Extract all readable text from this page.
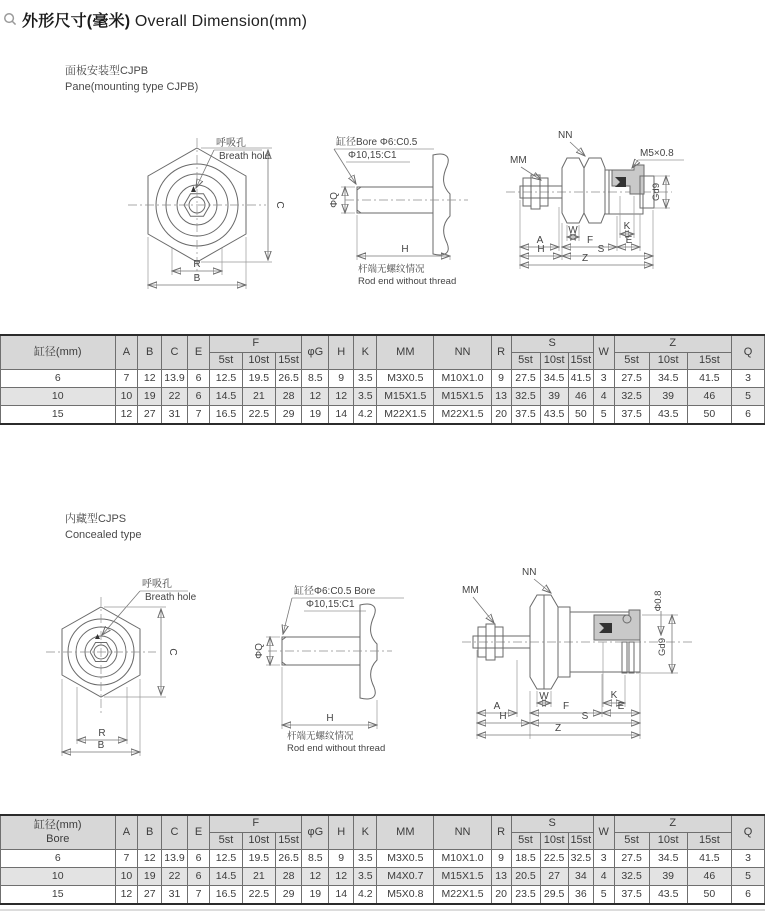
外形尺寸(毫米) Overall Dimension(mm)
面板安装型CJPB
Pane(mounting type CJPB)
呼吸孔
Breath hole
C
R
B
缸径Bore Φ6:C0.5
Φ10,15:C1
ΦQ
H
杆端无螺纹情况
Rod end without thread
MM
NN
M5×0.8
Gd9
W	K
A	F	E
H	S
Z
缸径(mm)	A	B	C	E	F			φG	H	K	MM	NN	R	S			W	Z			Q
					5st	10st	15st							5st	10st	15st		5st	10st	15st	
6	7	12	13.9	6	12.5	19.5	26.5	8.5	9	3.5	M3X0.5	M10X1.0	9	27.5	34.5	41.5	3	27.5	34.5	41.5	3
10	10	19	22	6	14.5	21	28	12	12	3.5	M15X1.5	M15X1.5	13	32.5	39	46	4	32.5	39	46	5
15	12	27	31	7	16.5	22.5	29	19	14	4.2	M22X1.5	M22X1.5	20	37.5	43.5	50	5	37.5	43.5	50	6
内藏型CJPS
Concealed type
呼吸孔
Breath hole
C
R
B
缸径Φ6:C0.5 Bore
Φ10,15:C1
ΦQ
H
杆端无螺纹情况
Rod end without thread
MM
NN
Φ0.8
Gd9
W	K
A	F	E
H	S
Z
缸径(mm)
Bore	A	B	C	E	F			φG	H	K	MM	NN	R	S			W	Z			Q
					5st	10st	15st							5st	10st	15st		5st	10st	15st	
6	7	12	13.9	6	12.5	19.5	26.5	8.5	9	3.5	M3X0.5	M10X1.0	9	18.5	22.5	32.5	3	27.5	34.5	41.5	3
10	10	19	22	6	14.5	21	28	12	12	3.5	M4X0.7	M15X1.5	13	20.5	27	34	4	32.5	39	46	5
15	12	27	31	7	16.5	22.5	29	19	14	4.2	M5X0.8	M22X1.5	20	23.5	29.5	36	5	37.5	43.5	50	6
